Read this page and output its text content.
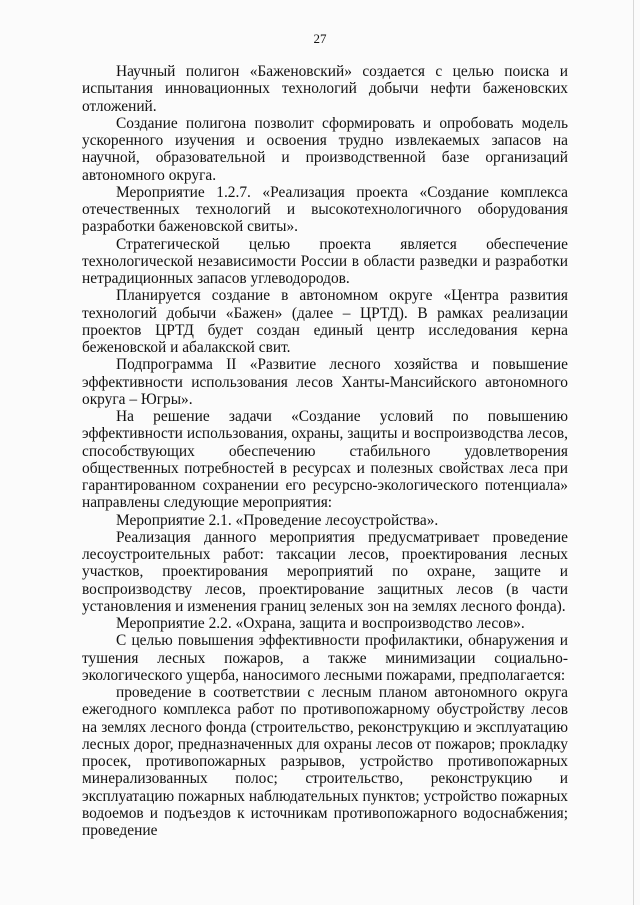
27

Научный полигон «Баженовский» создается с целью поиска и испытания инновационных технологий добычи нефти баженовских отложений.

Создание полигона позволит сформировать и опробовать модель ускоренного изучения и освоения трудно извлекаемых запасов на научной, образовательной и производственной базе организаций автономного округа.

Мероприятие 1.2.7. «Реализация проекта «Создание комплекса отечественных технологий и высокотехнологичного оборудования разработки баженовской свиты».

Стратегической целью проекта является обеспечение технологической независимости России в области разведки и разработки нетрадиционных запасов углеводородов.

Планируется создание в автономном округе «Центра развития технологий добычи «Бажен» (далее – ЦРТД). В рамках реализации проектов ЦРТД будет создан единый центр исследования керна беженовской и абалакской свит.

Подпрограмма II «Развитие лесного хозяйства и повышение эффективности использования лесов Ханты-Мансийского автономного округа – Югры».

На решение задачи «Создание условий по повышению эффективности использования, охраны, защиты и воспроизводства лесов, способствующих обеспечению стабильного удовлетворения общественных потребностей в ресурсах и полезных свойствах леса при гарантированном сохранении его ресурсно-экологического потенциала» направлены следующие мероприятия:

Мероприятие 2.1. «Проведение лесоустройства».

Реализация данного мероприятия предусматривает проведение лесоустроительных работ: таксации лесов, проектирования лесных участков, проектирования мероприятий по охране, защите и воспроизводству лесов, проектирование защитных лесов (в части установления и изменения границ зеленых зон на землях лесного фонда).

Мероприятие 2.2. «Охрана, защита и воспроизводство лесов».

С целью повышения эффективности профилактики, обнаружения и тушения лесных пожаров, а также минимизации социально-экологического ущерба, наносимого лесными пожарами, предполагается:

проведение в соответствии с лесным планом автономного округа ежегодного комплекса работ по противопожарному обустройству лесов на землях лесного фонда (строительство, реконструкцию и эксплуатацию лесных дорог, предназначенных для охраны лесов от пожаров; прокладку просек, противопожарных разрывов, устройство противопожарных минерализованных полос; строительство, реконструкцию и эксплуатацию пожарных наблюдательных пунктов; устройство пожарных водоемов и подъездов к источникам противопожарного водоснабжения; проведение
